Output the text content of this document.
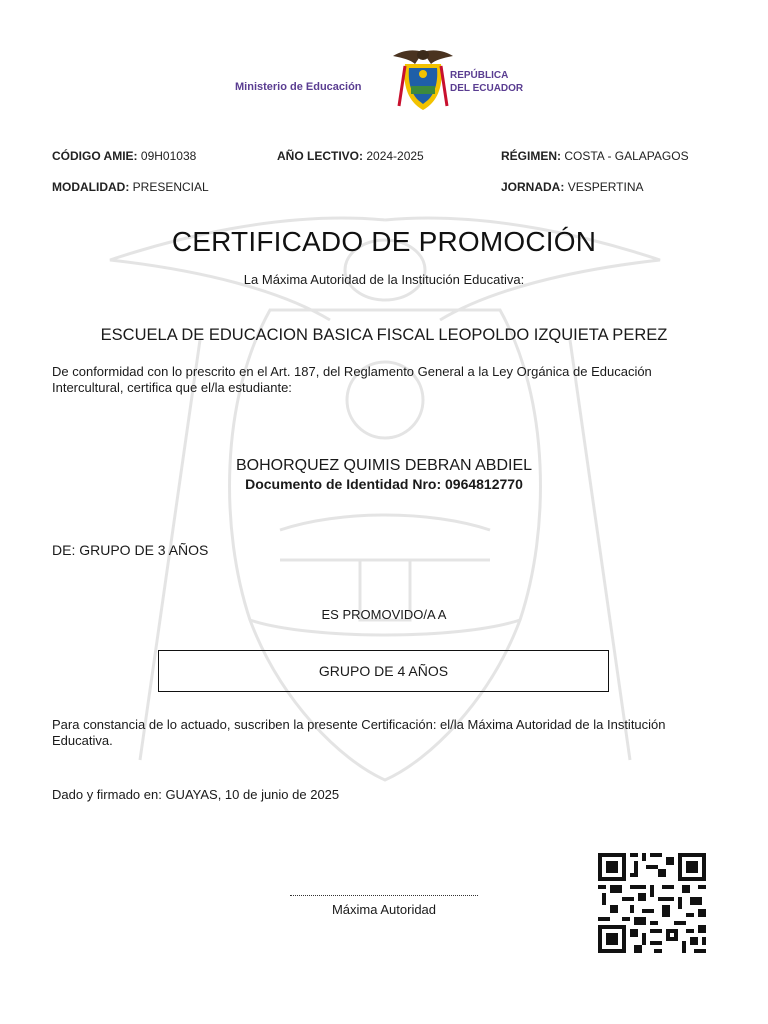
Ministerio de Educación
REPÚBLICA
DEL ECUADOR
CÓDIGO AMIE: 09H01038	AÑO LECTIVO: 2024-2025	RÉGIMEN: COSTA - GALAPAGOS
MODALIDAD: PRESENCIAL	JORNADA: VESPERTINA
CERTIFICADO DE PROMOCIÓN
La Máxima Autoridad de la Institución Educativa:
ESCUELA DE EDUCACION BASICA FISCAL LEOPOLDO IZQUIETA PEREZ
De conformidad con lo prescrito en el Art. 187, del Reglamento General a la Ley Orgánica de Educación Intercultural, certifica que el/la estudiante:
BOHORQUEZ QUIMIS DEBRAN ABDIEL
Documento de Identidad Nro: 0964812770
DE: GRUPO DE 3 AÑOS
ES PROMOVIDO/A A
GRUPO DE 4 AÑOS
Para constancia de lo actuado, suscriben la presente Certificación: el/la Máxima Autoridad de la Institución Educativa.
Dado y firmado en: GUAYAS, 10 de junio de 2025
Máxima Autoridad
